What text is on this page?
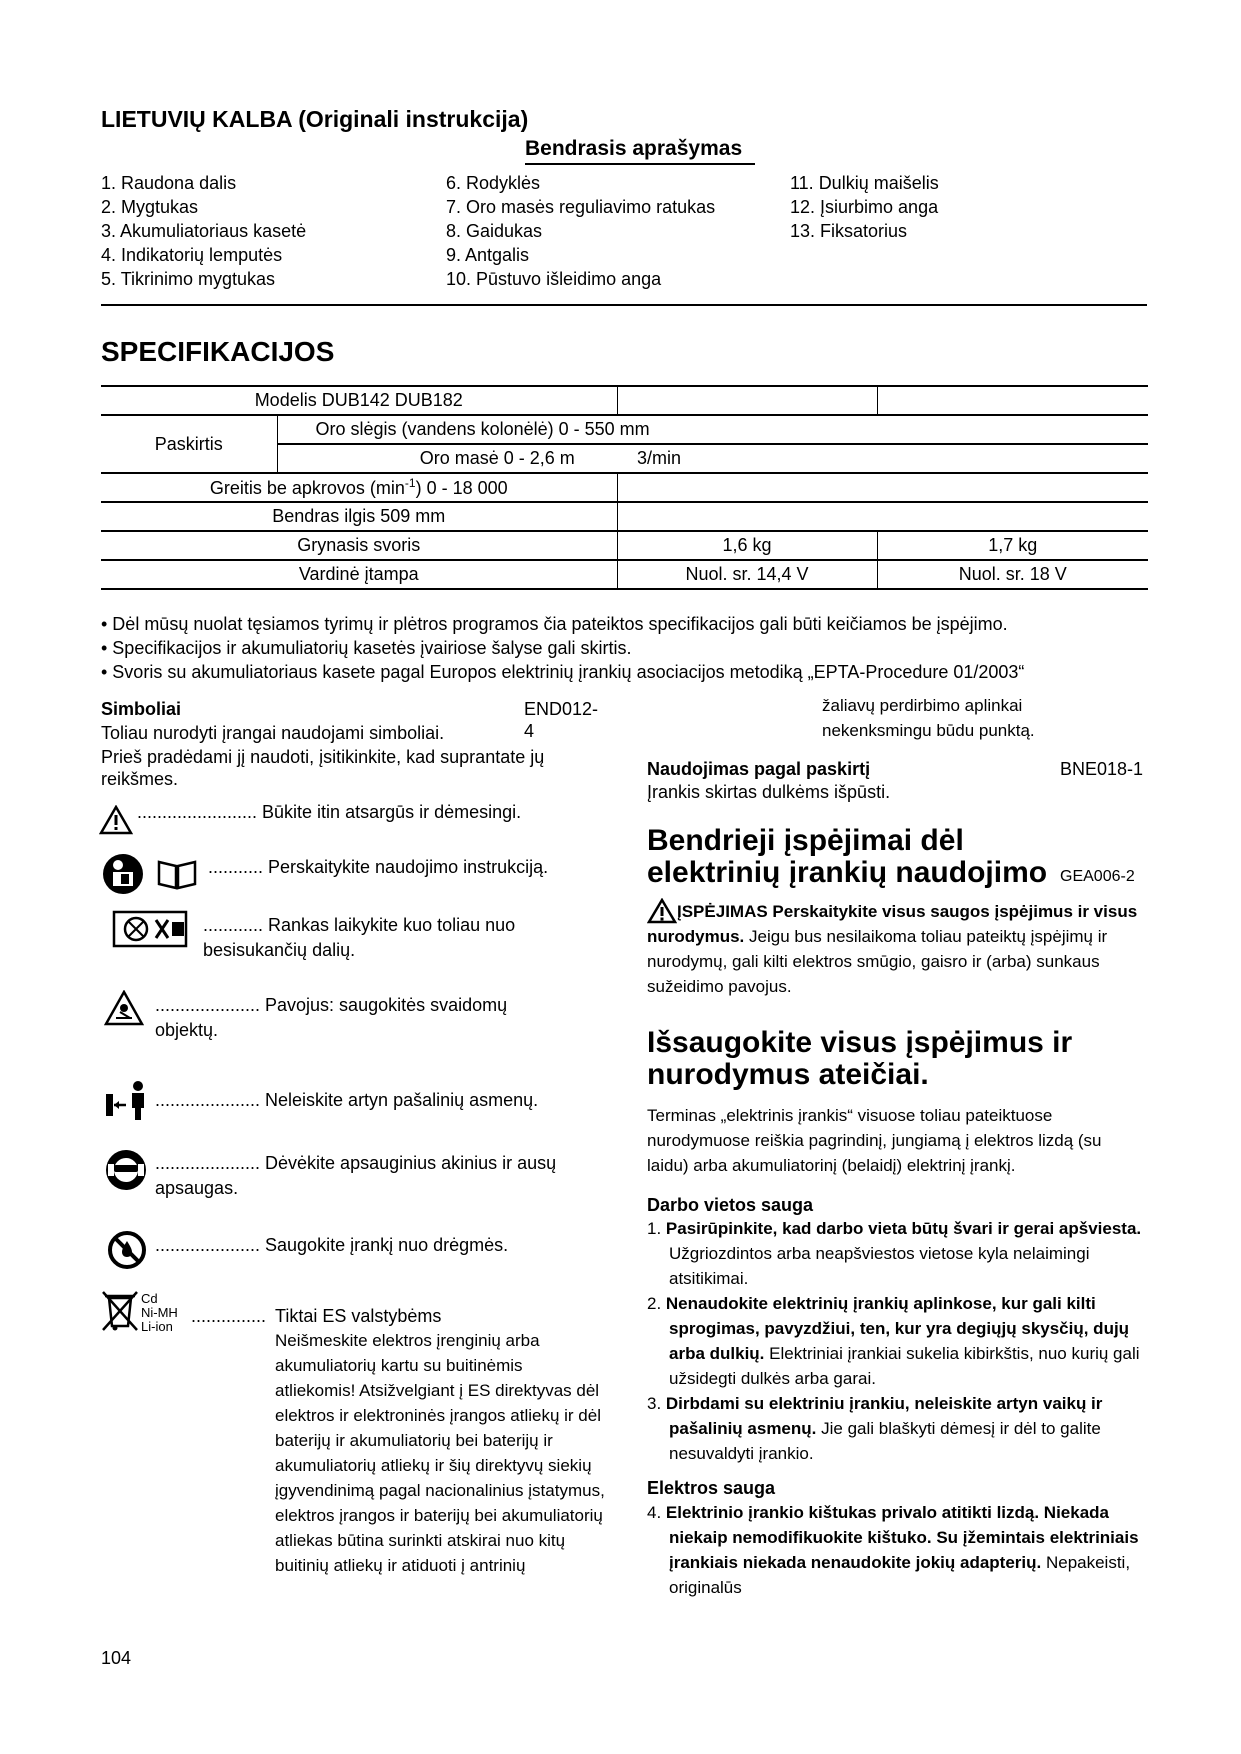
LIETUVIŲ KALBA (Originali instrukcija)
Bendrasis aprašymas
1. Raudona dalis
2. Mygtukas
3. Akumuliatoriaus kasetė
4. Indikatorių lemputės
5. Tikrinimo mygtukas
6. Rodyklės
7. Oro masės reguliavimo ratukas
8. Gaidukas
9. Antgalis
10. Pūstuvo išleidimo anga
11. Dulkių maišelis
12. Įsiurbimo anga
13. Fiksatorius
SPECIFIKACIJOS
Modelis DUB142 DUB182			
Paskirtis	Oro slėgis (vandens kolonėlė) 0 - 550 mm		
	Oro masė 0 - 2,6 m	3/min	
Greitis be apkrovos $(\min^{-1})$ 0 - 18 000			
Bendras ilgis 509 mm			
Grynasis svoris		1,6 kg	1,7 kg
Vardinė įtampa		Nuol. sr. 14,4 V	Nuol. sr. 18 V
• Dėl mūsų nuolat tęsiamos tyrimų ir plėtros programos čia pateiktos specifikacijos gali būti keičiamos be įspėjimo.
• Specifikacijos ir akumuliatorių kasetės įvairiose šalyse gali skirtis.
• Svoris su akumuliatoriaus kasete pagal Europos elektrinių įrankių asociacijos metodiką „EPTA-Procedure 01/2003“
Simboliai	END012-4
Toliau nurodyti įrangai naudojami simboliai.
Prieš pradėdami jį naudoti, įsitikinkite, kad suprantate jų reikšmes.
........................ Būkite itin atsargūs ir dėmesingi.
........... Perskaitykite naudojimo instrukciją.
............ Rankas laikykite kuo toliau nuo besisukančių dalių.
..................... Pavojus: saugokitės svaidomų objektų.
..................... Neleiskite artyn pašalinių asmenų.
..................... Dėvėkite apsauginius akinius ir ausų apsaugas.
..................... Saugokite įrankį nuo drėgmės.
Cd
Ni-MH
Li-ion
............... Tiktai ES valstybėms
Neišmeskite elektros įrenginių arba akumuliatorių kartu su buitinėmis atliekomis! Atsižvelgiant į ES direktyvas dėl elektros ir elektroninės įrangos atliekų ir dėl baterijų ir akumuliatorių bei baterijų ir akumuliatorių atliekų ir šių direktyvų siekių įgyvendinimą pagal nacionalinius įstatymus, elektros įrangos ir baterijų bei akumuliatorių atliekas būtina surinkti atskirai nuo kitų buitinių atliekų ir atiduoti į antrinių
žaliavų perdirbimo aplinkai nekenksmingu būdu punktą.
Naudojimas pagal paskirtį	BNE018-1
Įrankis skirtas dulkėms išpūsti.
Bendrieji įspėjimai dėl elektrinių įrankių naudojimo GEA006-2
ĮSPĖJIMAS Perskaitykite visus saugos įspėjimus ir visus nurodymus. Jeigu bus nesilaikoma toliau pateiktų įspėjimų ir nurodymų, gali kilti elektros smūgio, gaisro ir (arba) sunkaus sužeidimo pavojus.
Išsaugokite visus įspėjimus ir nurodymus ateičiai.
Terminas „elektrinis įrankis“ visuose toliau pateiktuose nurodymuose reiškia pagrindinį, jungiamą į elektros lizdą (su laidu) arba akumuliatorinį (belaidį) elektrinį įrankį.
Darbo vietos sauga
1. Pasirūpinkite, kad darbo vieta būtų švari ir gerai apšviesta. Užgriozdintos arba neapšviestos vietose kyla nelaimingi atsitikimai.
2. Nenaudokite elektrinių įrankių aplinkose, kur gali kilti sprogimas, pavyzdžiui, ten, kur yra degiųjų skysčių, dujų arba dulkių. Elektriniai įrankiai sukelia kibirkštis, nuo kurių gali užsidegti dulkės arba garai.
3. Dirbdami su elektriniu įrankiu, neleiskite artyn vaikų ir pašalinių asmenų. Jie gali blaškyti dėmesį ir dėl to galite nesuvaldyti įrankio.
Elektros sauga
4. Elektrinio įrankio kištukas privalo atitikti lizdą. Niekada niekaip nemodifikuokite kištuko. Su įžemintais elektriniais įrankiais niekada nenaudokite jokių adapterių. Nepakeisti, originalūs
104
